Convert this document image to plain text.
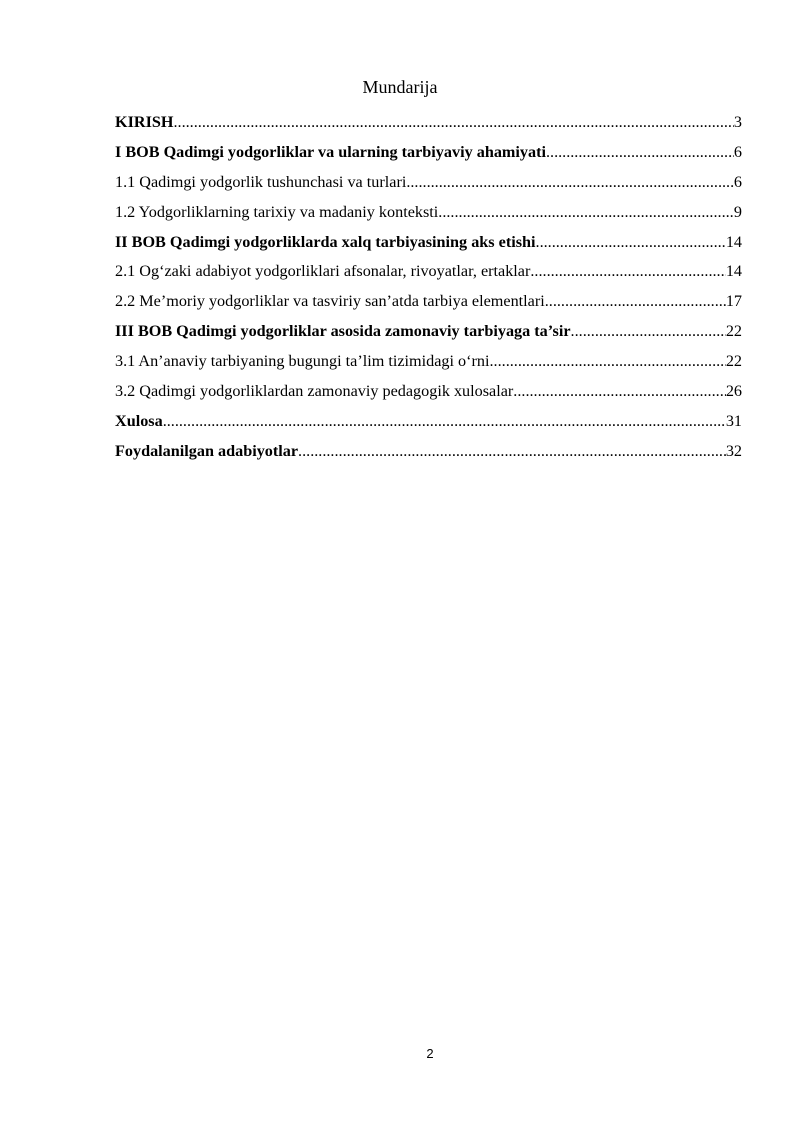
Mundarija
KIRISH .....	3
I BOB Qadimgi yodgorliklar va ularning tarbiyaviy ahamiyati .....	6
1.1 Qadimgi yodgorlik tushunchasi va turlari .....	6
1.2 Yodgorliklarning tarixiy va madaniy konteksti .....	9
II BOB Qadimgi yodgorliklarda xalq tarbiyasining aks etishi .....	14
2.1 Og‘zaki adabiyot yodgorliklari afsonalar, rivoyatlar, ertaklar .....	14
2.2 Me’moriy yodgorliklar va tasviriy san’atda tarbiya elementlari .....	17
III BOB Qadimgi yodgorliklar asosida zamonaviy tarbiyaga ta’sir .....	22
3.1 An’anaviy tarbiyaning bugungi ta’lim tizimidagi o‘rni .....	22
3.2 Qadimgi yodgorliklardan zamonaviy pedagogik xulosalar .....	26
Xulosa .....	31
Foydalanilgan adabiyotlar .....	32
2
